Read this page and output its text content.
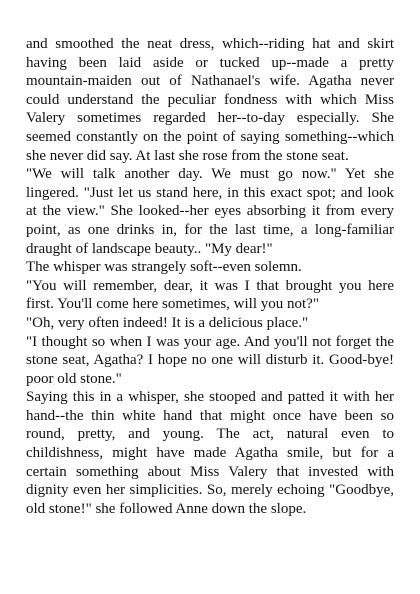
and smoothed the neat dress, which--riding hat and skirt having been laid aside or tucked up--made a pretty mountain-maiden out of Nathanael's wife. Agatha never could understand the peculiar fondness with which Miss Valery sometimes regarded her--to-day especially. She seemed constantly on the point of saying something--which she never did say. At last she rose from the stone seat.

"We will talk another day. We must go now." Yet she lingered. "Just let us stand here, in this exact spot; and look at the view." She looked--her eyes absorbing it from every point, as one drinks in, for the last time, a long-familiar draught of landscape beauty.. "My dear!"

The whisper was strangely soft--even solemn.

"You will remember, dear, it was I that brought you here first. You'll come here sometimes, will you not?"

"Oh, very often indeed! It is a delicious place."

"I thought so when I was your age. And you'll not forget the stone seat, Agatha? I hope no one will disturb it. Good-bye! poor old stone."

Saying this in a whisper, she stooped and patted it with her hand--the thin white hand that might once have been so round, pretty, and young. The act, natural even to childishness, might have made Agatha smile, but for a certain something about Miss Valery that invested with dignity even her simplicities. So, merely echoing "Goodbye, old stone!" she followed Anne down the slope.
